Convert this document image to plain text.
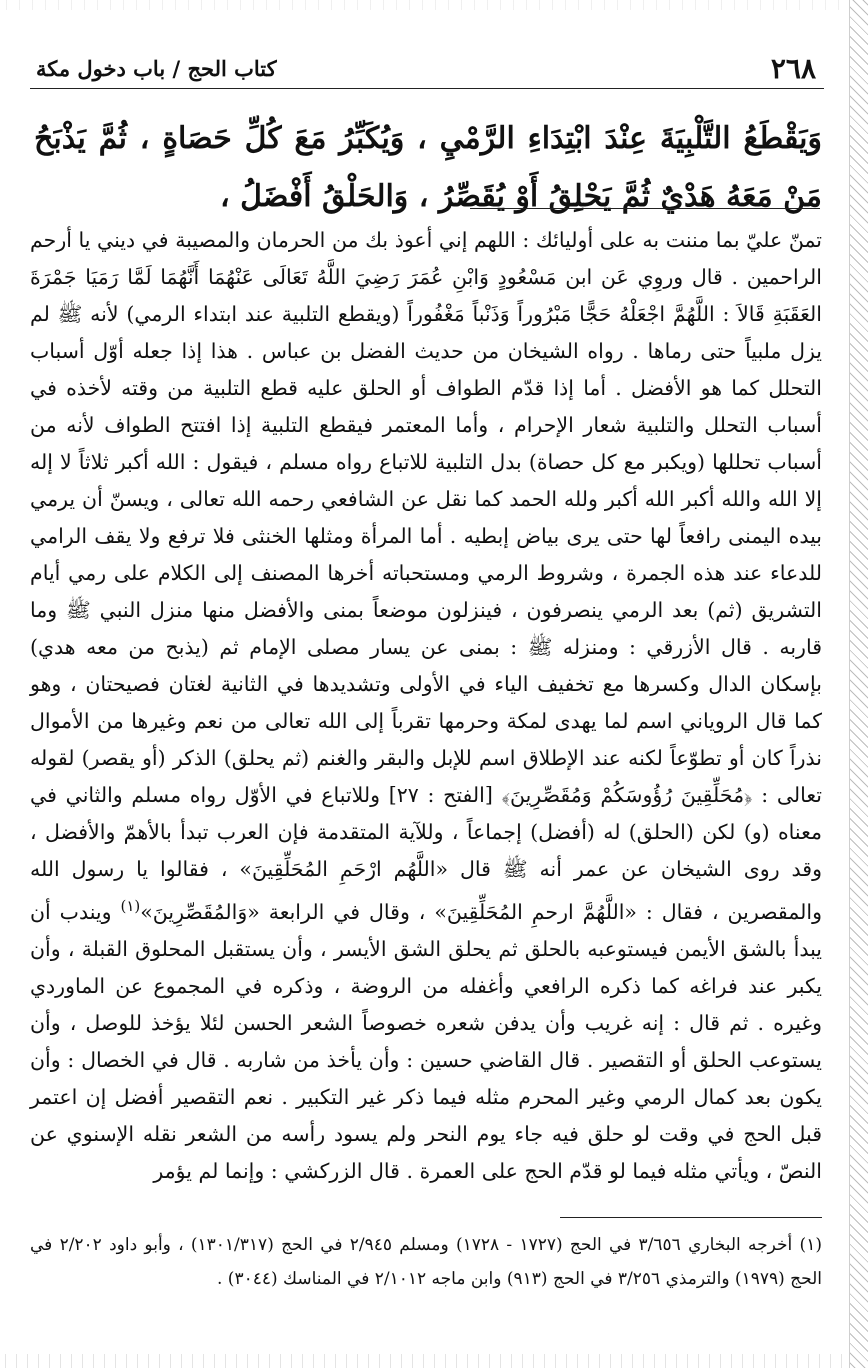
٢٦٨
كتاب الحج / باب دخول مكة
وَيَقْطَعُ التَّلْبِيَةَ عِنْدَ ابْتِدَاءِ الرَّمْيِ ، وَيُكَبِّرُ مَعَ كُلِّ حَصَاةٍ ، ثُمَّ يَذْبَحُ مَنْ مَعَهُ هَدْيٌ ثُمَّ يَحْلِقُ أَوْ يُقَصِّرُ ، وَالحَلْقُ أَفْضَلُ ،

تمنّ عليّ بما مننت به على أوليائك : اللهم إني أعوذ بك من الحرمان والمصيبة في ديني يا أرحم الراحمين . قال وروِي عَن ابن مَسْعُودٍ وَابْنِ عُمَرَ رَضِيَ اللَّهُ تَعَالَى عَنْهُمَا أَنَّهُمَا لَمَّا رَمَيَا جَمْرَةَ العَقَبَةِ قَالاَ : اللَّهُمَّ اجْعَلْهُ حَجًّا مَبْرُوراً وَذَنْباً مَغْفُوراً (ويقطع التلبية عند ابتداء الرمي) لأنه ﷺ لم يزل ملبياً حتى رماها . رواه الشيخان من حديث الفضل بن عباس . هذا إذا جعله أوّل أسباب التحلل كما هو الأفضل . أما إذا قدّم الطواف أو الحلق عليه قطع التلبية من وقته لأخذه في أسباب التحلل والتلبية شعار الإحرام ، وأما المعتمر فيقطع التلبية إذا افتتح الطواف لأنه من أسباب تحللها (ويكبر مع كل حصاة) بدل التلبية للاتباع رواه مسلم ، فيقول : الله أكبر ثلاثاً لا إله إلا الله والله أكبر الله أكبر ولله الحمد كما نقل عن الشافعي رحمه الله تعالى ، ويسنّ أن يرمي بيده اليمنى رافعاً لها حتى يرى بياض إبطيه . أما المرأة ومثلها الخنثى فلا ترفع ولا يقف الرامي للدعاء عند هذه الجمرة ، وشروط الرمي ومستحباته أخرها المصنف إلى الكلام على رمي أيام التشريق (ثم) بعد الرمي ينصرفون ، فينزلون موضعاً بمنى والأفضل منها منزل النبي ﷺ وما قاربه . قال الأزرقي : ومنزله ﷺ : بمنى عن يسار مصلى الإمام ثم (يذبح من معه هدي) بإسكان الدال وكسرها مع تخفيف الياء في الأولى وتشديدها في الثانية لغتان فصيحتان ، وهو كما قال الروياني اسم لما يهدى لمكة وحرمها تقرباً إلى الله تعالى من نعم وغيرها من الأموال نذراً كان أو تطوّعاً لكنه عند الإطلاق اسم للإبل والبقر والغنم (ثم يحلق) الذكر (أو يقصر) لقوله تعالى : ﴿مُحَلِّقِينَ رُؤُوسَكُمْ وَمُقَصِّرِينَ﴾ [الفتح : ٢٧] وللاتباع في الأوّل رواه مسلم والثاني في معناه (و) لكن (الحلق) له (أفضل) إجماعاً ، وللآية المتقدمة فإن العرب تبدأ بالأهمّ والأفضل ، وقد روى الشيخان عن عمر أنه ﷺ قال «اللَّهُم ارْحَمِ المُحَلِّقِينَ» ، فقالوا يا رسول الله والمقصرين ، فقال : «اللَّهُمَّ ارحمِ المُحَلِّقِينَ» ، وقال في الرابعة «وَالمُقَصِّرِينَ»$^{(١)}$ ويندب أن يبدأ بالشق الأيمن فيستوعبه بالحلق ثم يحلق الشق الأيسر ، وأن يستقبل المحلوق القبلة ، وأن يكبر عند فراغه كما ذكره الرافعي وأغفله من الروضة ، وذكره في المجموع عن الماوردي وغيره . ثم قال : إنه غريب وأن يدفن شعره خصوصاً الشعر الحسن لئلا يؤخذ للوصل ، وأن يستوعب الحلق أو التقصير . قال القاضي حسين : وأن يأخذ من شاربه . قال في الخصال : وأن يكون بعد كمال الرمي وغير المحرم مثله فيما ذكر غير التكبير . نعم التقصير أفضل إن اعتمر قبل الحج في وقت لو حلق فيه جاء يوم النحر ولم يسود رأسه من الشعر نقله الإسنوي عن النصّ ، ويأتي مثله فيما لو قدّم الحج على العمرة . قال الزركشي : وإنما لم يؤمر

(١) أخرجه البخاري ٣/٦٥٦ في الحج (١٧٢٧ - ١٧٢٨) ومسلم ٢/٩٤٥ في الحج (١٣٠١/٣١٧) ، وأبو داود ٢/٢٠٢ في الحج (١٩٧٩) والترمذي ٣/٢٥٦ في الحج (٩١٣) وابن ماجه ٢/١٠١٢ في المناسك (٣٠٤٤) .
